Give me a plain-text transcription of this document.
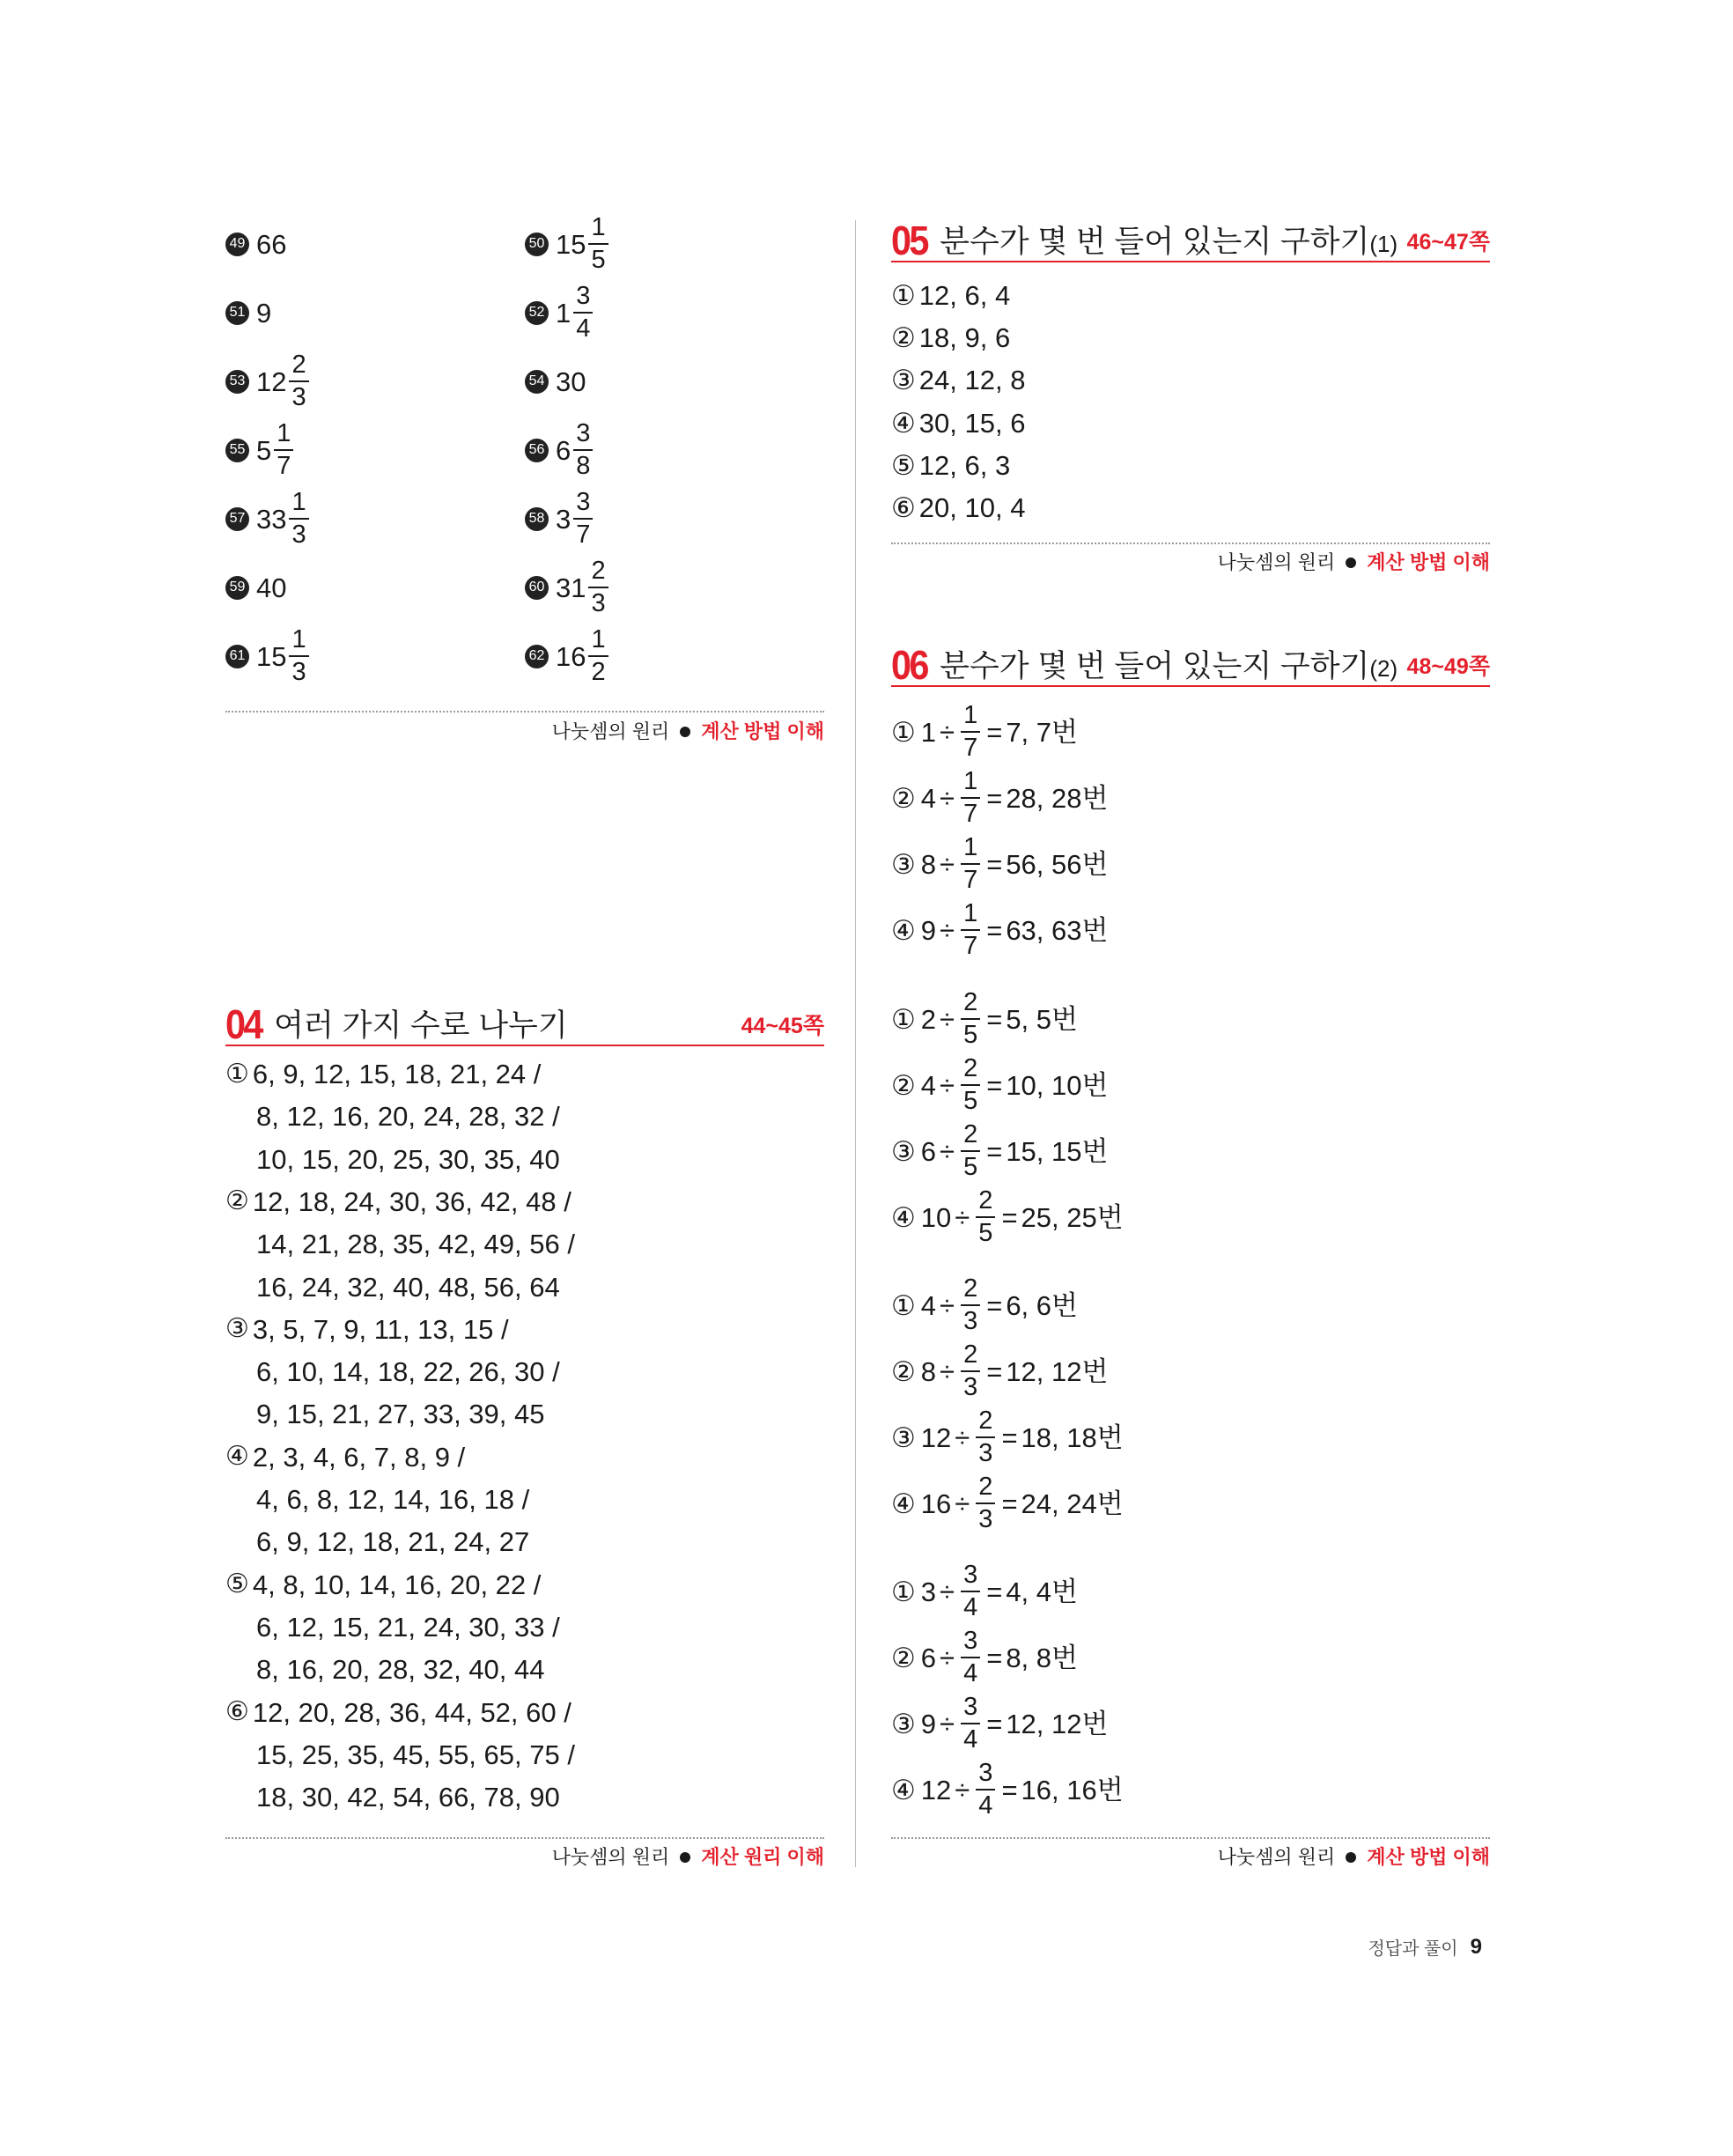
49 66	50 $15 \frac{1}{5}$
51 9	52 $1 \frac{3}{4}$
53 $12 \frac{2}{3}$	54 30
55 $5 \frac{1}{7}$	56 $6 \frac{3}{8}$
57 $33 \frac{1}{3}$	58 $3 \frac{3}{7}$
59 40	60 $31 \frac{2}{3}$
61 $15 \frac{1}{3}$	62 $16 \frac{1}{2}$
나눗셈의 원리 계산 방법 이해
04 여러 가지 수로 나누기	44~45쪽
① 6, 9, 12, 15, 18, 21, 24 /
8, 12, 16, 20, 24, 28, 32 /
10, 15, 20, 25, 30, 35, 40
② 12, 18, 24, 30, 36, 42, 48 /
14, 21, 28, 35, 42, 49, 56 /
16, 24, 32, 40, 48, 56, 64
③ 3, 5, 7, 9, 11, 13, 15 /
6, 10, 14, 18, 22, 26, 30 /
9, 15, 21, 27, 33, 39, 45
④ 2, 3, 4, 6, 7, 8, 9 /
4, 6, 8, 12, 14, 16, 18 /
6, 9, 12, 18, 21, 24, 27
⑤ 4, 8, 10, 14, 16, 20, 22 /
6, 12, 15, 21, 24, 30, 33 /
8, 16, 20, 28, 32, 40, 44
⑥ 12, 20, 28, 36, 44, 52, 60 /
15, 25, 35, 45, 55, 65, 75 /
18, 30, 42, 54, 66, 78, 90
나눗셈의 원리 계산 원리 이해
05 분수가 몇 번 들어 있는지 구하기(1) 46~47쪽
① 12, 6, 4
② 18, 9, 6
③ 24, 12, 8
④ 30, 15, 6
⑤ 12, 6, 3
⑥ 20, 10, 4
나눗셈의 원리 계산 방법 이해
06 분수가 몇 번 들어 있는지 구하기(2) 48~49쪽
① $1 \div \frac{1}{7} = 7$, 7번
② $4 \div \frac{1}{7} = 28$, 28번
③ $8 \div \frac{1}{7} = 56$, 56번
④ $9 \div \frac{1}{7} = 63$, 63번
① $2 \div \frac{2}{5} = 5$, 5번
② $4 \div \frac{2}{5} = 10$, 10번
③ $6 \div \frac{2}{5} = 15$, 15번
④ $10 \div \frac{2}{5} = 25$, 25번
① $4 \div \frac{2}{3} = 6$, 6번
② $8 \div \frac{2}{3} = 12$, 12번
③ $12 \div \frac{2}{3} = 18$, 18번
④ $16 \div \frac{2}{3} = 24$, 24번
① $3 \div \frac{3}{4} = 4$, 4번
② $6 \div \frac{3}{4} = 8$, 8번
③ $9 \div \frac{3}{4} = 12$, 12번
④ $12 \div \frac{3}{4} = 16$, 16번
나눗셈의 원리 계산 방법 이해
정답과 풀이 9
